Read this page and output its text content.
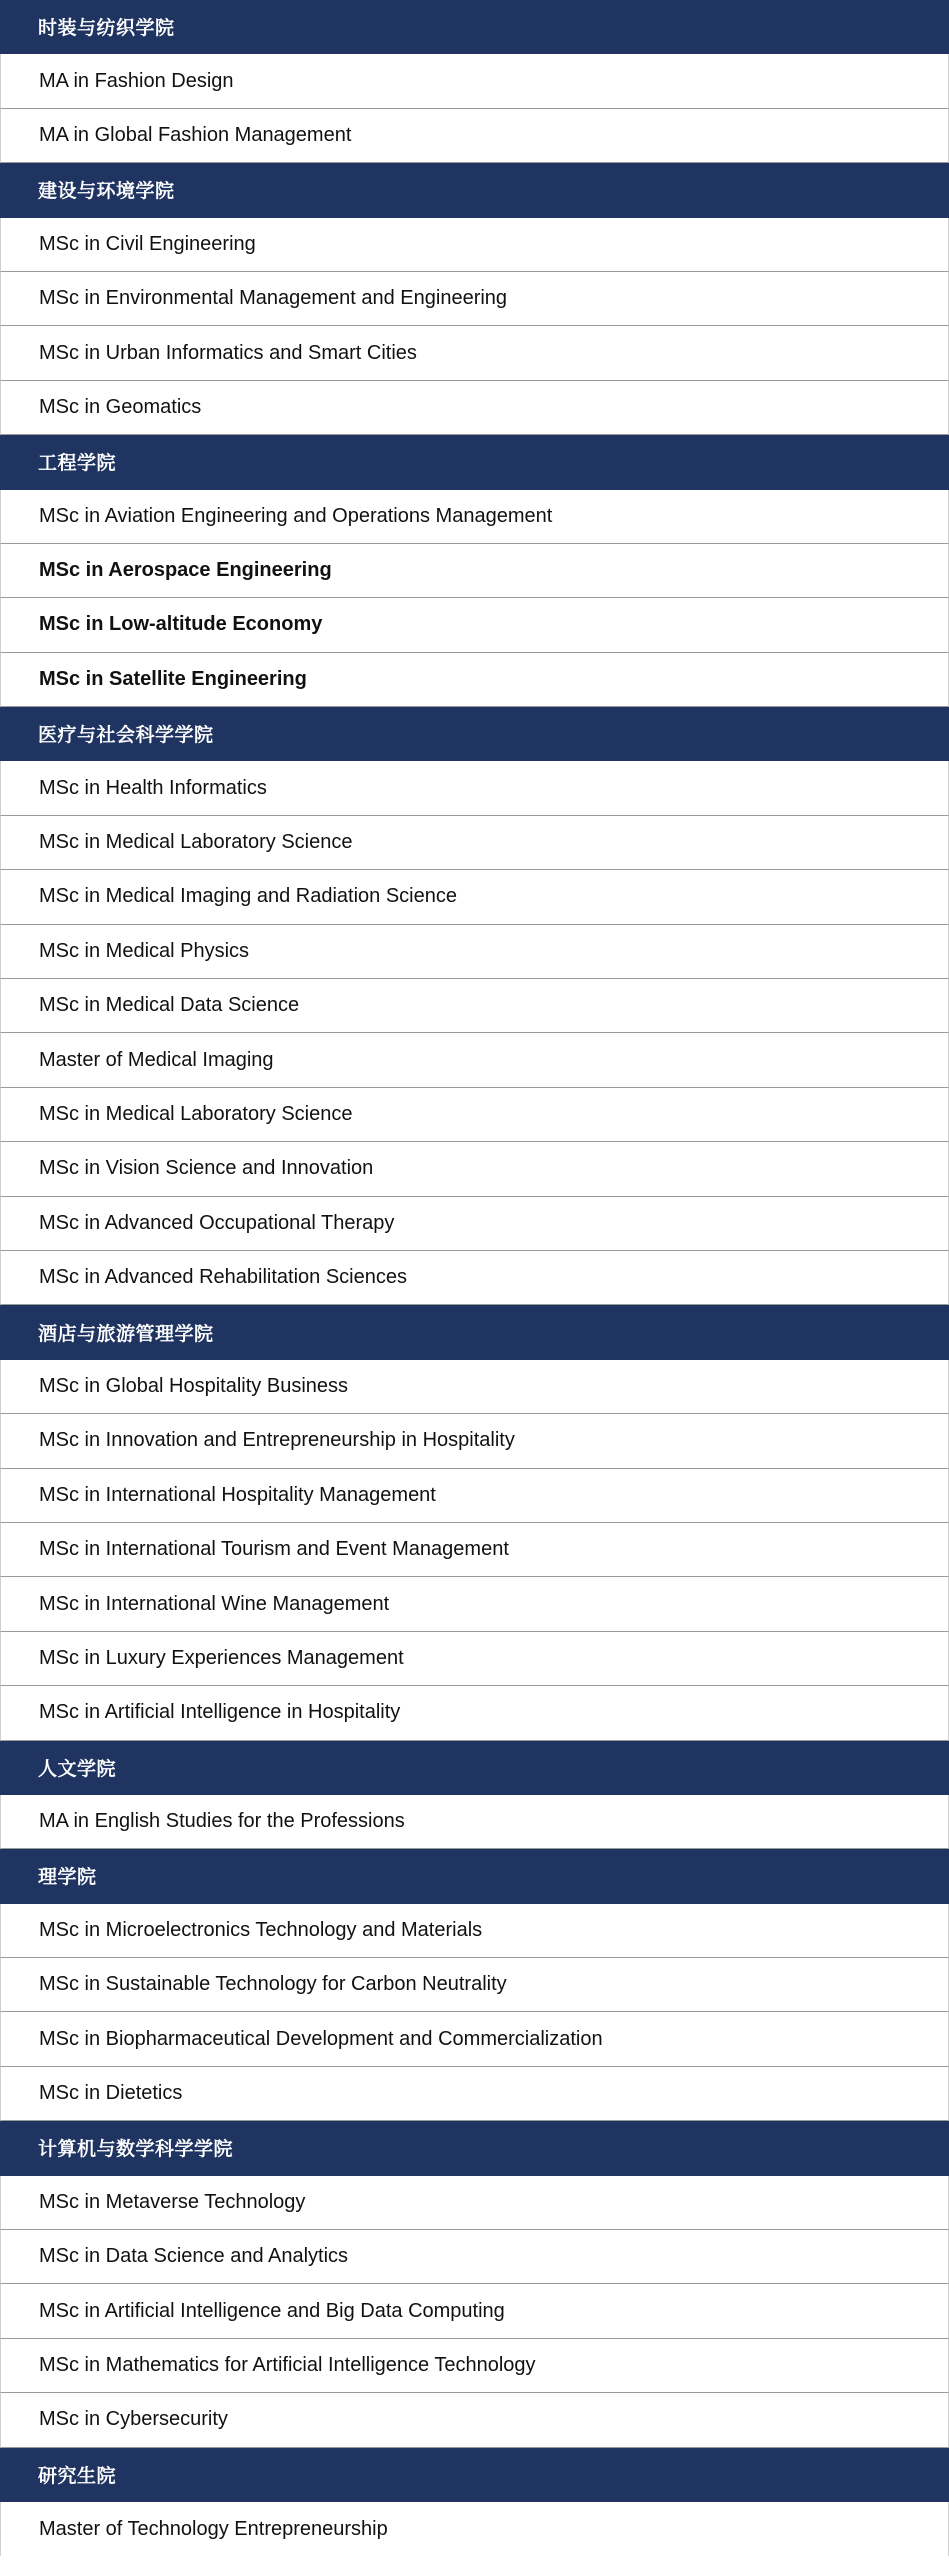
时装与纺织学院
MA in Fashion Design
MA in Global Fashion Management
建设与环境学院
MSc in Civil Engineering
MSc in Environmental Management and Engineering
MSc in Urban Informatics and Smart Cities
MSc in Geomatics
工程学院
MSc in Aviation Engineering and Operations Management
MSc in Aerospace Engineering
MSc in Low-altitude Economy
MSc in Satellite Engineering
医疗与社会科学学院
MSc in Health Informatics
MSc in Medical Laboratory Science
MSc in Medical Imaging and Radiation Science
MSc in Medical Physics
MSc in Medical Data Science
Master of Medical Imaging
MSc in Medical Laboratory Science
MSc in Vision Science and Innovation
MSc in Advanced Occupational Therapy
MSc in Advanced Rehabilitation Sciences
酒店与旅游管理学院
MSc in Global Hospitality Business
MSc in Innovation and Entrepreneurship in Hospitality
MSc in International Hospitality Management
MSc in International Tourism and Event Management
MSc in International Wine Management
MSc in Luxury Experiences Management
MSc in Artificial Intelligence in Hospitality
人文学院
MA in English Studies for the Professions
理学院
MSc in Microelectronics Technology and Materials
MSc in Sustainable Technology for Carbon Neutrality
MSc in Biopharmaceutical Development and Commercialization
MSc in Dietetics
计算机与数学科学学院
MSc in Metaverse Technology
MSc in Data Science and Analytics
MSc in Artificial Intelligence and Big Data Computing
MSc in Mathematics for Artificial Intelligence Technology
MSc in Cybersecurity
研究生院
Master of Technology Entrepreneurship
